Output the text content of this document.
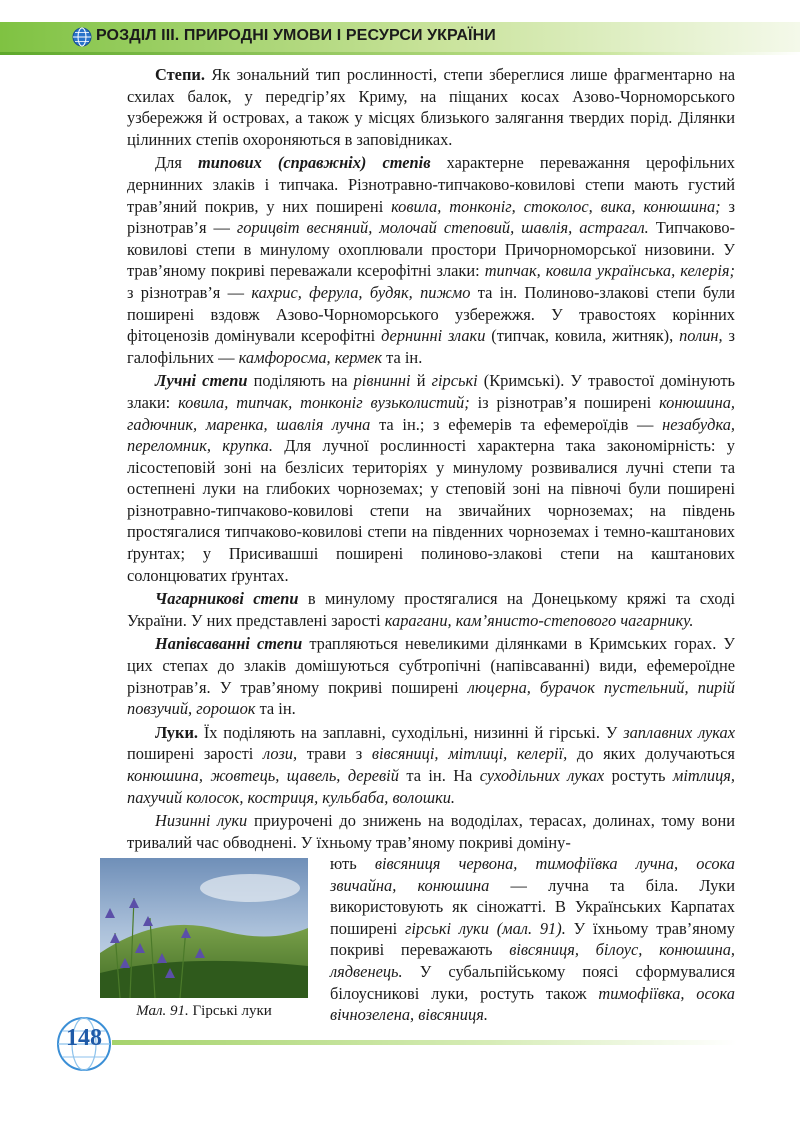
РОЗДІЛ ІІІ. ПРИРОДНІ УМОВИ І РЕСУРСИ УКРАЇНИ

Степи. Як зональний тип рослинності, степи збереглися лише фрагментарно на схилах балок, у передгір’ях Криму, на піщаних косах Азово-Чорноморського узбережжя й островах, а також у місцях близького залягання твердих порід. Ділянки цілинних степів охороняються в заповідниках.

Для типових (справжніх) степів характерне переважання церофільних дернинних злаків і типчака. Різнотравно-типчаково-ковилові степи мають густий трав’яний покрив, у них поширені ковила, тонконіг, стоколос, вика, конюшина; з різнотрав’я — горицвіт весняний, молочай степовий, шавлія, астрагал. Типчаково-ковилові степи в минулому охоплювали простори Причорноморської низовини. У трав’яному покриві переважали ксерофітні злаки: типчак, ковила українська, келерія; з різнотрав’я — кахрис, ферула, будяк, пижмо та ін. Полиново-злакові степи були поширені вздовж Азово-Чорноморського узбережжя. У травостоях корінних фітоценозів домінували ксерофітні дернинні злаки (типчак, ковила, житняк), полин, з галофільних — камфоросма, кермек та ін.

Лучні степи поділяють на рівнинні й гірські (Кримські). У травостої домінують злаки: ковила, типчак, тонконіг вузьколистий; із різнотрав’я поширені конюшина, гадючник, маренка, шавлія лучна та ін.; з ефемерів та ефемероїдів — незабудка, переломник, крупка. Для лучної рослинності характерна така закономірність: у лісостеповій зоні на безлісих територіях у минулому розвивалися лучні степи та остепнені луки на глибоких чорноземах; у степовій зоні на півночі були поширені різнотравно-типчаково-ковилові степи на звичайних чорноземах; на південь простягалися типчаково-ковилові степи на південних чорноземах і темно-каштанових ґрунтах; у Присивашші поширені полиново-злакові степи на каштанових солонцюватих ґрунтах.

Чагарникові степи в минулому простягалися на Донецькому кряжі та сході України. У них представлені зарості карагани, кам’янисто-степового чагарнику.

Напівсаванні степи трапляються невеликими ділянками в Кримських горах. У цих степах до злаків домішуються субтропічні (напівсаванні) види, ефемероїдне різнотрав’я. У трав’яному покриві поширені люцерна, бурачок пустельний, пирій повзучий, горошок та ін.

Луки. Їх поділяють на заплавні, суходільні, низинні й гірські. У заплавних луках поширені зарості лози, трави з вівсяниці, мітлиці, келерії, до яких долучаються конюшина, жовтець, щавель, деревій та ін. На суходільних луках ростуть мітлиця, пахучий колосок, костриця, кульбаба, волошки.

Низинні луки приурочені до знижень на вододілах, терасах, долинах, тому вони тривалий час обводнені. У їхньому трав’яному покриві доміну-

Мал. 91. Гірські луки
ють вівсяниця червона, тимофіївка лучна, осока звичайна, конюшина — лучна та біла. Луки використовують як сіножатті. В Українських Карпатах поширені гірські луки (мал. 91). У їхньому трав’яному покриві переважають вівсяниця, білоус, конюшина, лядвенець. У субальпійському поясі сформувалися білоусникові луки, ростуть також тимофіївка, осока вічнозелена, вівсяниця.
148
